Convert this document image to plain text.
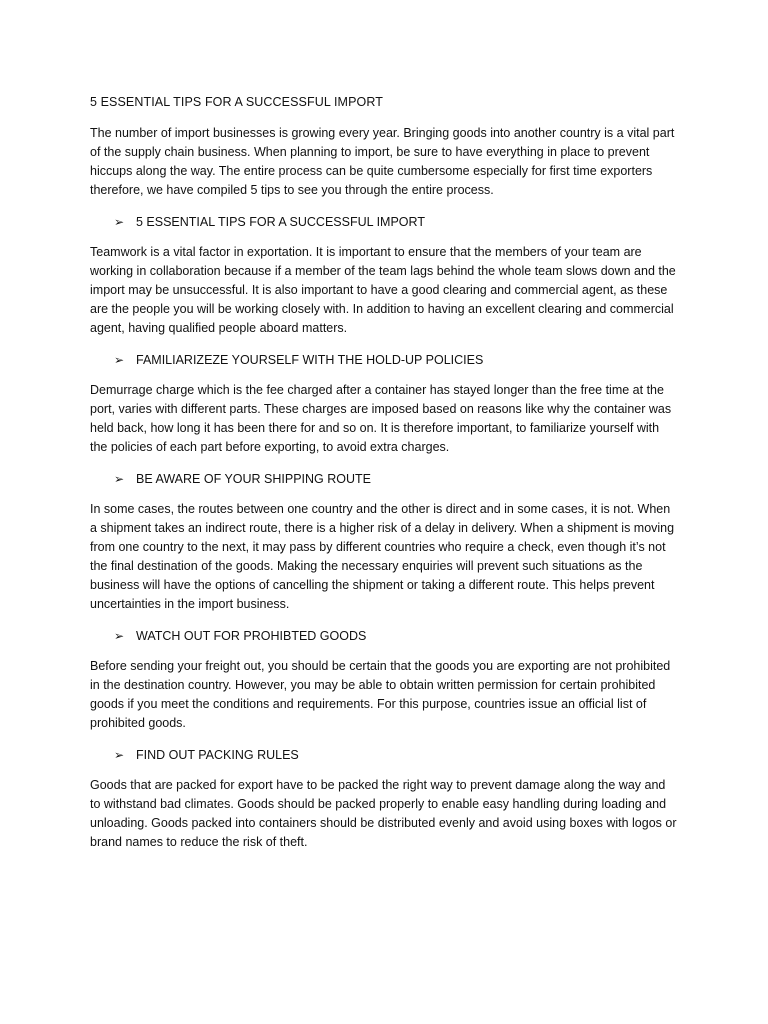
5 ESSENTIAL TIPS FOR A SUCCESSFUL IMPORT
The number of import businesses is growing every year. Bringing goods into another country is a vital part of the supply chain business. When planning to import, be sure to have everything in place to prevent hiccups along the way. The entire process can be quite cumbersome especially for first time exporters therefore, we have compiled 5 tips to see you through the entire process.
➢ 5 ESSENTIAL TIPS FOR A SUCCESSFUL IMPORT
Teamwork is a vital factor in exportation. It is important to ensure that the members of your team are working in collaboration because if a member of the team lags behind the whole team slows down and the import may be unsuccessful. It is also important to have a good clearing and commercial agent, as these are the people you will be working closely with. In addition to having an excellent clearing and commercial agent, having qualified people aboard matters.
➢ FAMILIARIZEZE YOURSELF WITH THE HOLD-UP POLICIES
Demurrage charge which is the fee charged after a container has stayed longer than the free time at the port, varies with different parts. These charges are imposed based on reasons like why the container was held back, how long it has been there for and so on. It is therefore important, to familiarize yourself with the policies of each part before exporting, to avoid extra charges.
➢ BE AWARE OF YOUR SHIPPING ROUTE
In some cases, the routes between one country and the other is direct and in some cases, it is not. When a shipment takes an indirect route, there is a higher risk of a delay in delivery. When a shipment is moving from one country to the next, it may pass by different countries who require a check, even though it’s not the final destination of the goods. Making the necessary enquiries will prevent such situations as the business will have the options of cancelling the shipment or taking a different route. This helps prevent uncertainties in the import business.
➢ WATCH OUT FOR PROHIBTED GOODS
Before sending your freight out, you should be certain that the goods you are exporting are not prohibited in the destination country. However, you may be able to obtain written permission for certain prohibited goods if you meet the conditions and requirements. For this purpose, countries issue an official list of prohibited goods.
➢ FIND OUT PACKING RULES
Goods that are packed for export have to be packed the right way to prevent damage along the way and to withstand bad climates. Goods should be packed properly to enable easy handling during loading and unloading. Goods packed into containers should be distributed evenly and avoid using boxes with logos or brand names to reduce the risk of theft.
